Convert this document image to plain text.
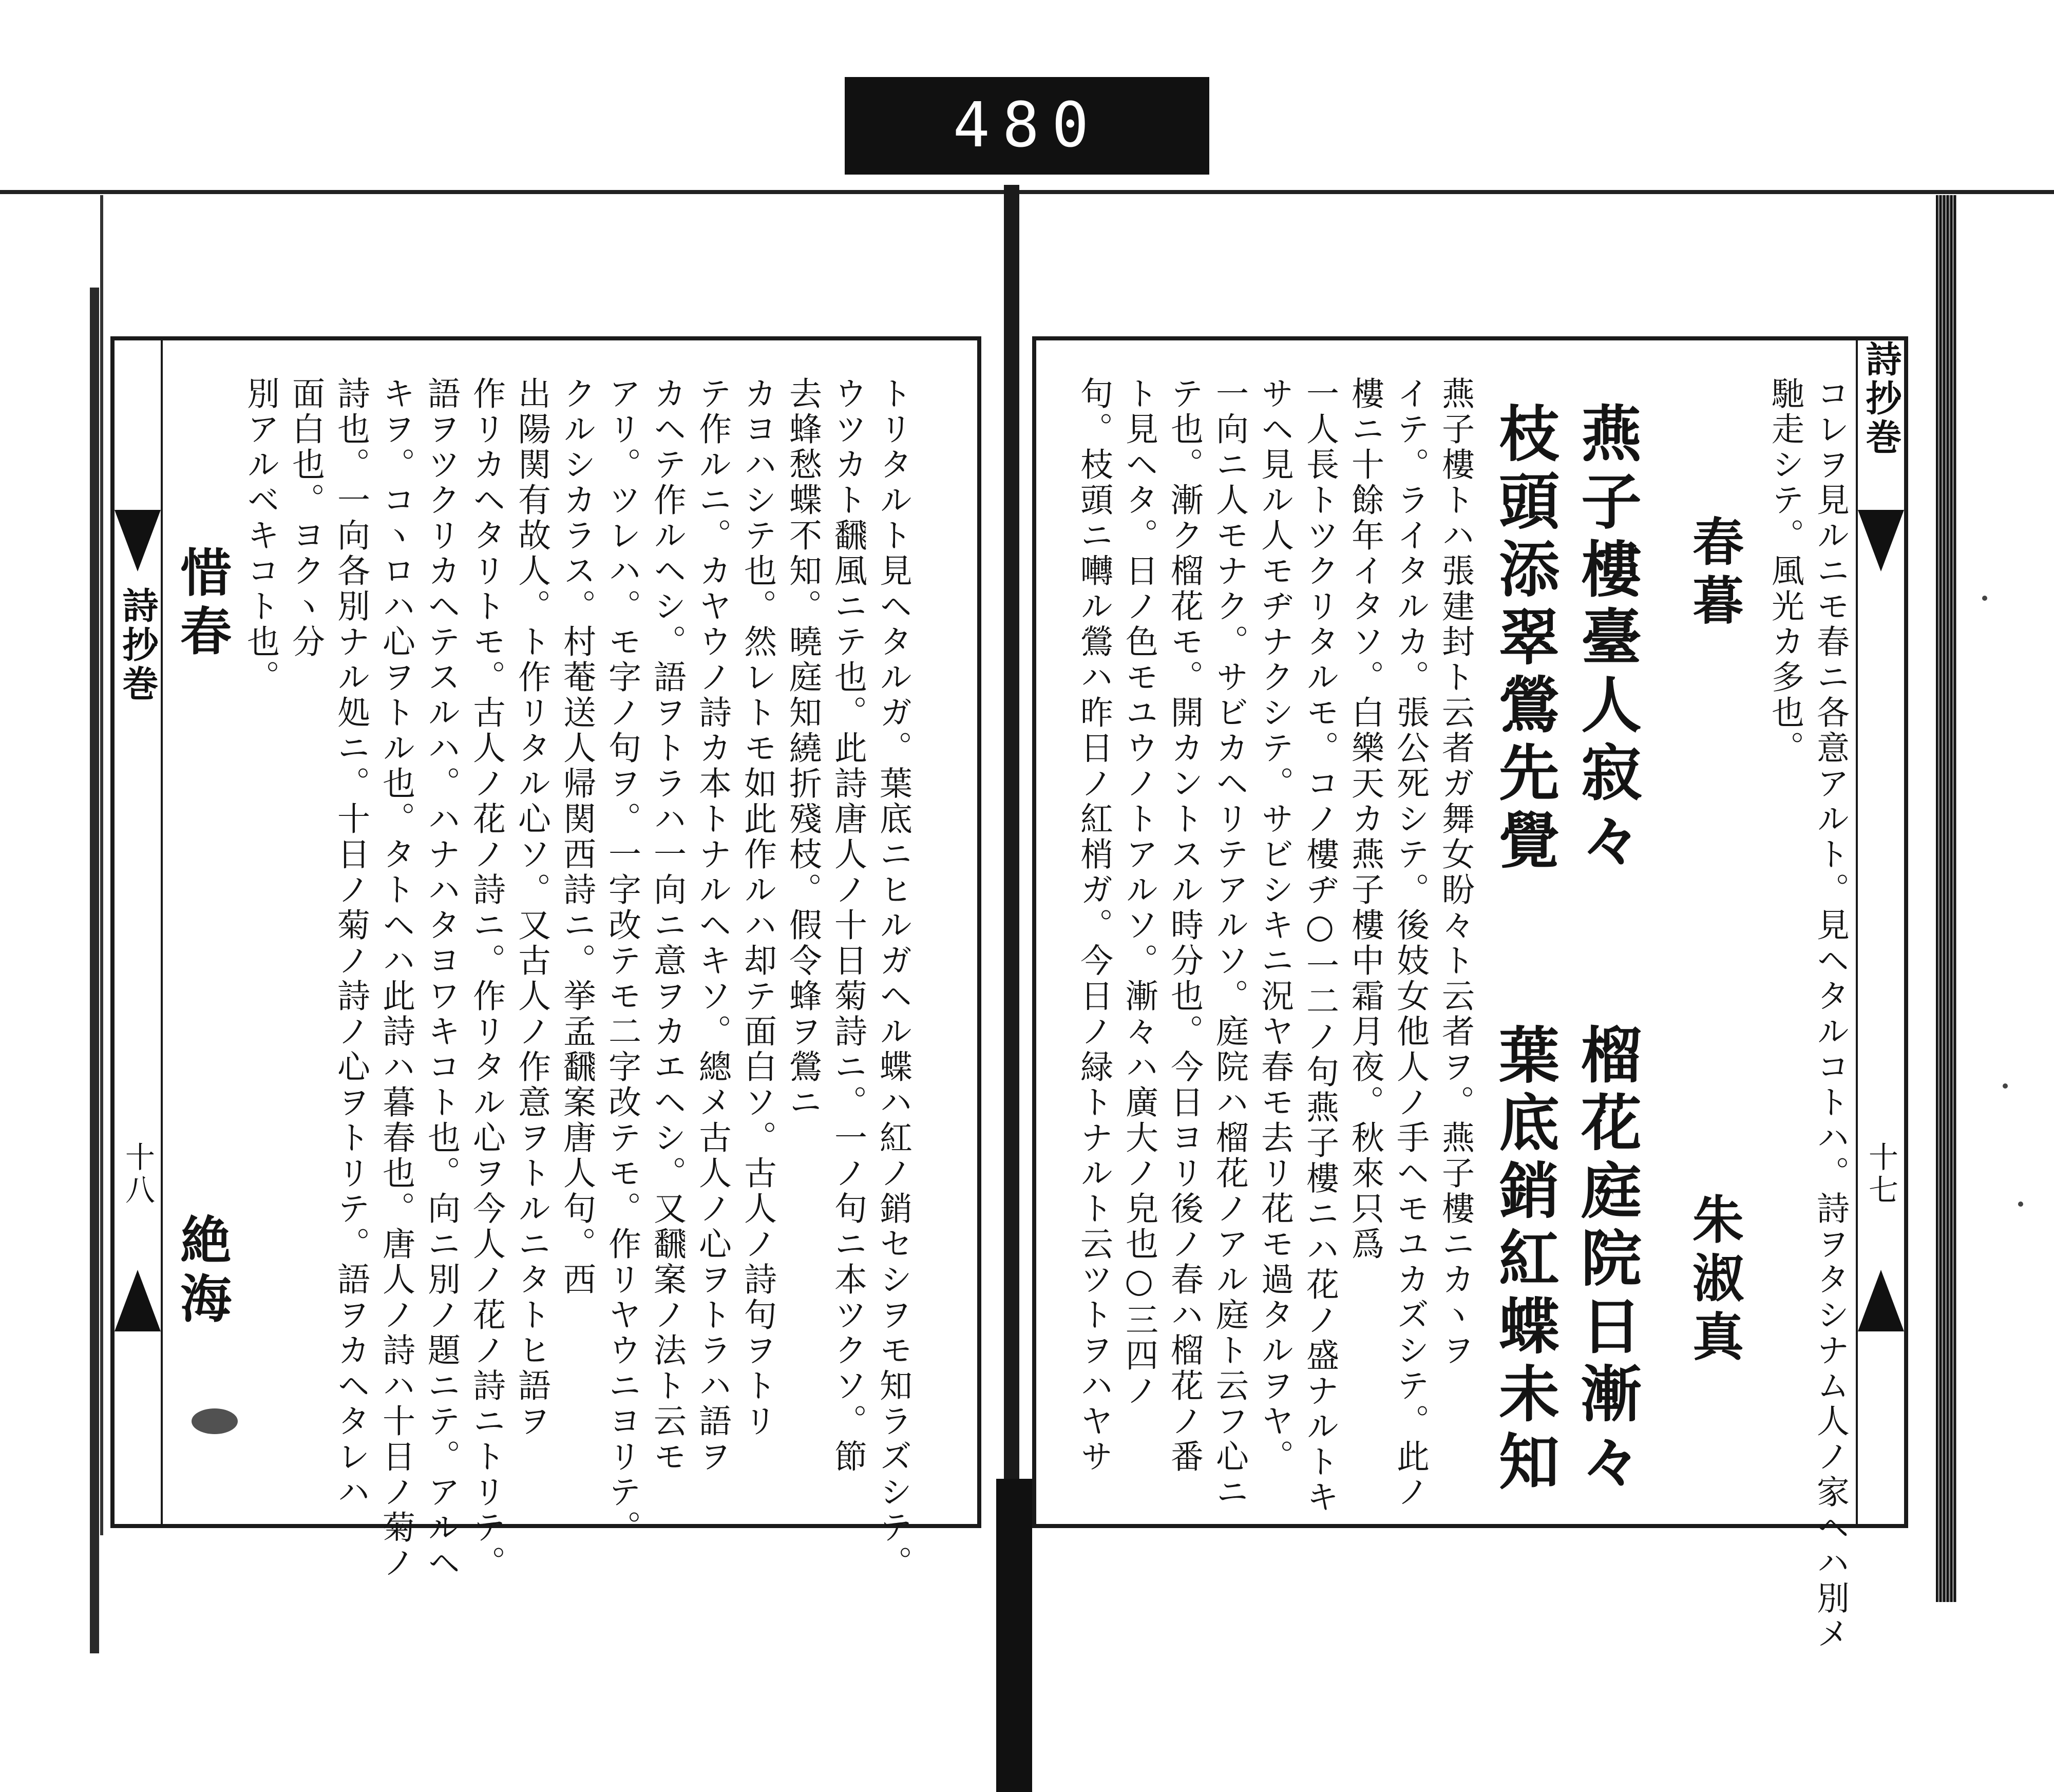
480
詩抄巻
十八	トリタルト見ヘタルガ。葉底ニヒルガヘル蝶ハ紅ノ銷セシヲモ知ラズシテ。
ウツカト飜風ニテ也。此詩唐人ノ十日菊詩ニ。一ノ句ニ本ツクソ。節
去蜂愁蝶不知。曉庭知繞折殘枝。假令蜂ヲ鶯ニ
カヨハシテ也。然レトモ如此作ルハ却テ面白ソ。古人ノ詩句ヲトリ
テ作ルニ。カヤウノ詩カ本トナルヘキソ。總メ古人ノ心ヲトラハ語ヲ
カヘテ作ルヘシ。語ヲトラハ一向ニ意ヲカエヘシ。又飜案ノ法ト云モ
アリ。ツレハ。モ字ノ句ヲ。一字改テモ二字改テモ。作リヤウニヨリテ。
クルシカラス。村菴送人帰関西詩ニ。挙孟飜案唐人句。西
出陽関有故人。ト作リタル心ソ。又古人ノ作意ヲトルニタトヒ語ヲ
作リカヘタリトモ。古人ノ花ノ詩ニ。作リタル心ヲ今人ノ花ノ詩ニトリテ。
語ヲツクリカヘテスルハ。ハナハタヨワキコト也。向ニ別ノ題ニテ。アルヘ
キヲ。コヽロハ心ヲトル也。タトヘハ此詩ハ暮春也。唐人ノ詩ハ十日ノ菊ノ
詩也。一向各別ナル処ニ。十日ノ菊ノ詩ノ心ヲトリテ。語ヲカヘタレハ
面白也。ヨクヽ分
別アルベキコト也。
惜春
絶海
詩抄巻
十七
コレヲ見ルニモ春ニ各意アルト。見ヘタルコトハ。詩ヲタシナム人ノ家ヘハ別メ
馳走シテ。風光カ多也。
春暮
朱淑真
燕子樓臺人寂々
榴花庭院日漸々
枝頭添翠鶯先覺
葉底銷紅蝶未知
燕子樓トハ張建封ト云者ガ舞女盼々ト云者ヲ。燕子樓ニカヽヲ
イテ。ライタルカ。張公死シテ。後妓女他人ノ手ヘモユカズシテ。此ノ
樓ニ十餘年イタソ。白樂天カ燕子樓中霜月夜。秋來只爲
一人長トツクリタルモ。コノ樓ヂ○一二ノ句燕子樓ニハ花ノ盛ナルトキ
サヘ見ル人モヂナクシテ。サビシキニ況ヤ春モ去リ花モ過タルヲヤ。
一向ニ人モナク。サビカヘリテアルソ。庭院ハ榴花ノアル庭ト云フ心ニ
テ也。漸ク榴花モ。開カントスル時分也。今日ヨリ後ノ春ハ榴花ノ番
ト見ヘタ。日ノ色モユウノトアルソ。漸々ハ廣大ノ皃也○三四ノ
句。枝頭ニ囀ル鶯ハ昨日ノ紅梢ガ。今日ノ緑トナルト云ツトヲハヤサ
